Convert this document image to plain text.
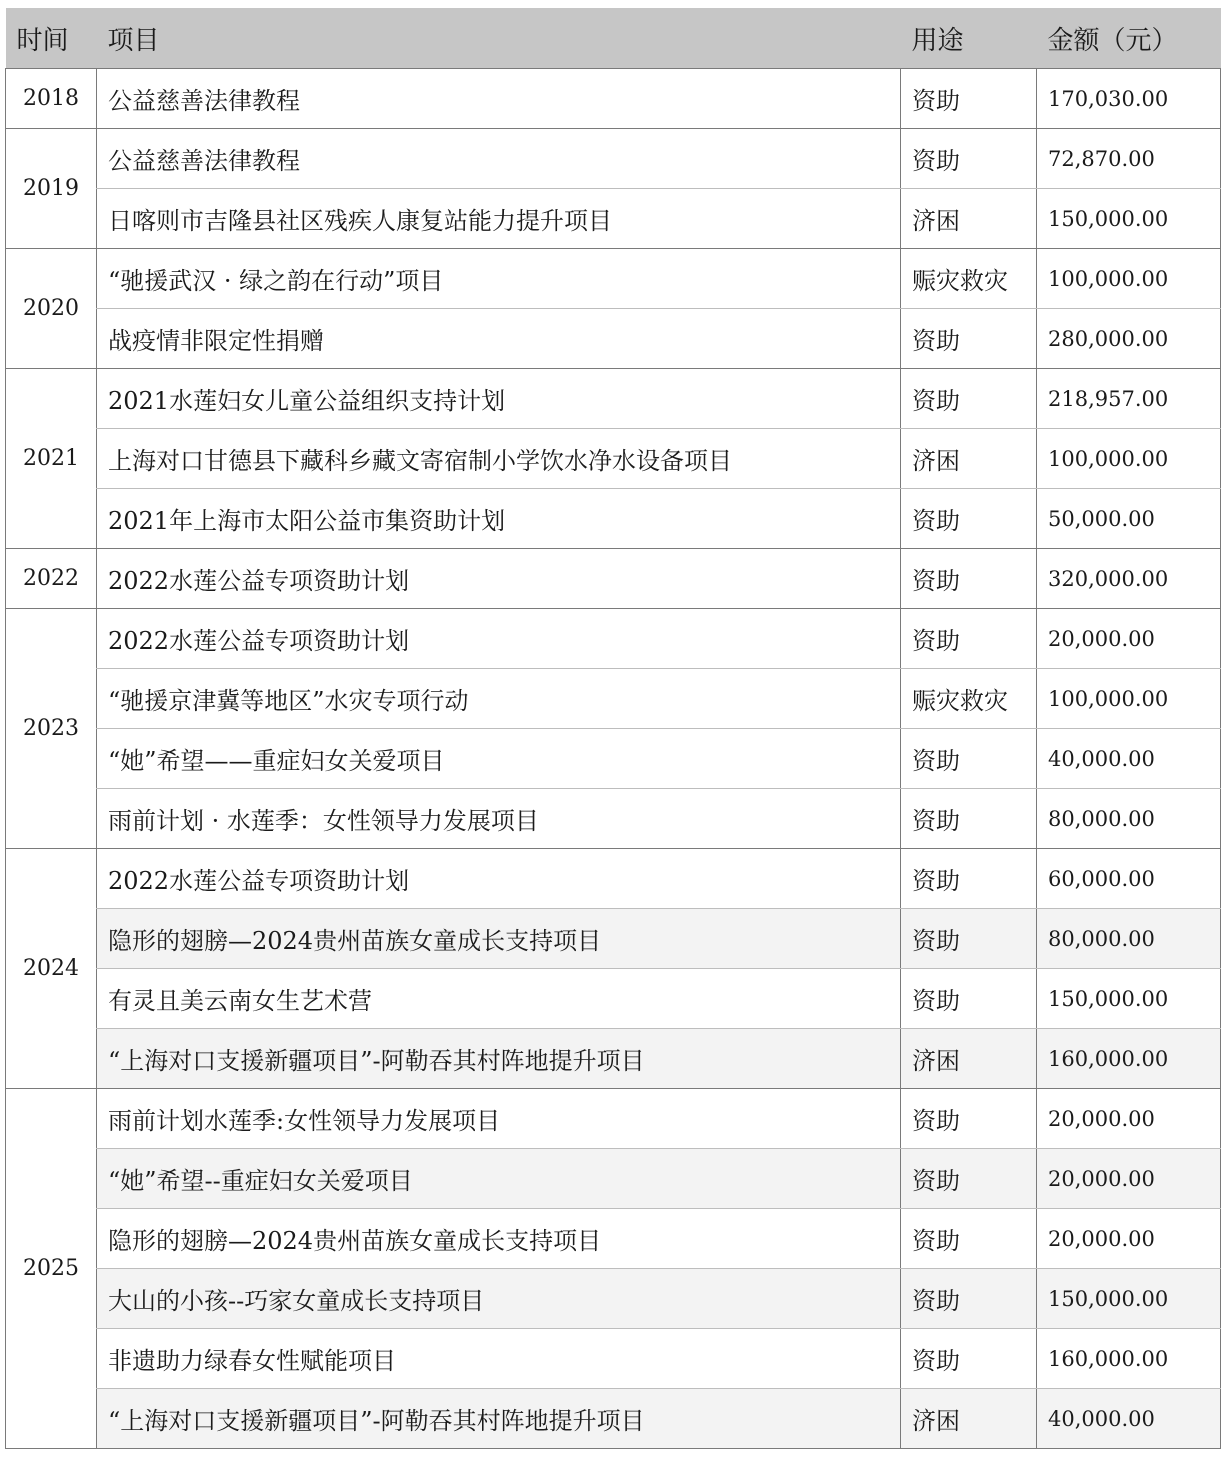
时间	项目	用途	金额（元）
2018	公益慈善法律教程	资助	170,030.00
2019	公益慈善法律教程	资助	72,870.00
	日喀则市吉隆县社区残疾人康复站能力提升项目	济困	150,000.00
2020	“驰援武汉 · 绿之韵在行动”项目	赈灾救灾	100,000.00
	战疫情非限定性捐赠	资助	280,000.00
2021	2021水莲妇女儿童公益组织支持计划	资助	218,957.00
	上海对口甘德县下藏科乡藏文寄宿制小学饮水净水设备项目	济困	100,000.00
	2021年上海市太阳公益市集资助计划	资助	50,000.00
2022	2022水莲公益专项资助计划	资助	320,000.00
2023	2022水莲公益专项资助计划	资助	20,000.00
	“驰援京津冀等地区”水灾专项行动	赈灾救灾	100,000.00
	“她”希望——重症妇女关爱项目	资助	40,000.00
	雨前计划 · 水莲季：女性领导力发展项目	资助	80,000.00
2024	2022水莲公益专项资助计划	资助	60,000.00
	隐形的翅膀—2024贵州苗族女童成长支持项目	资助	80,000.00
	有灵且美云南女生艺术营	资助	150,000.00
	“上海对口支援新疆项目”-阿勒吞其村阵地提升项目	济困	160,000.00
2025	雨前计划水莲季:女性领导力发展项目	资助	20,000.00
	“她”希望--重症妇女关爱项目	资助	20,000.00
	隐形的翅膀—2024贵州苗族女童成长支持项目	资助	20,000.00
	大山的小孩--巧家女童成长支持项目	资助	150,000.00
	非遗助力绿春女性赋能项目	资助	160,000.00
	“上海对口支援新疆项目”-阿勒吞其村阵地提升项目	济困	40,000.00
